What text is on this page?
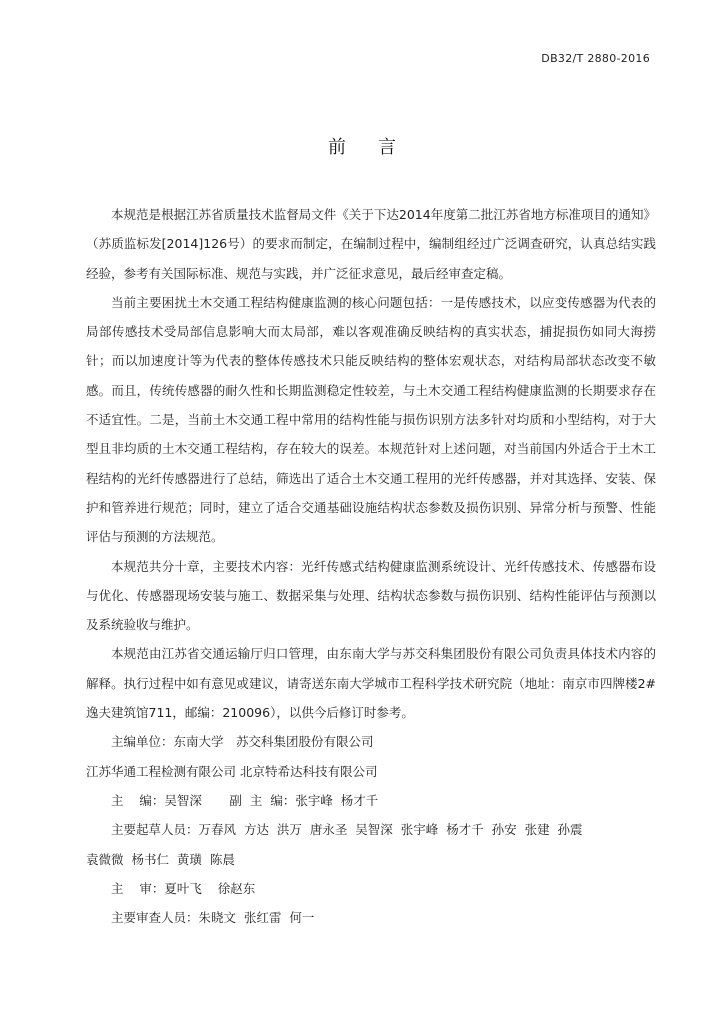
DB32/T 2880-2016
前言

本规范是根据江苏省质量技术监督局文件《关于下达2014年度第二批江苏省地方标准项目的通知》（苏质监标发[2014]126号）的要求而制定，在编制过程中，编制组经过广泛调查研究，认真总结实践经验，参考有关国际标准、规范与实践，并广泛征求意见，最后经审查定稿。

当前主要困扰土木交通工程结构健康监测的核心问题包括：一是传感技术，以应变传感器为代表的局部传感技术受局部信息影响大而太局部，难以客观准确反映结构的真实状态，捕捉损伤如同大海捞针；而以加速度计等为代表的整体传感技术只能反映结构的整体宏观状态，对结构局部状态改变不敏感。而且，传统传感器的耐久性和长期监测稳定性较差，与土木交通工程结构健康监测的长期要求存在不适宜性。二是，当前土木交通工程中常用的结构性能与损伤识别方法多针对均质和小型结构，对于大型且非均质的土木交通工程结构，存在较大的误差。本规范针对上述问题，对当前国内外适合于土木工程结构的光纤传感器进行了总结，筛选出了适合土木交通工程用的光纤传感器，并对其选择、安装、保护和管养进行规范；同时，建立了适合交通基础设施结构状态参数及损伤识别、异常分析与预警、性能评估与预测的方法规范。

本规范共分十章，主要技术内容：光纤传感式结构健康监测系统设计、光纤传感技术、传感器布设与优化、传感器现场安装与施工、数据采集与处理、结构状态参数与损伤识别、结构性能评估与预测以及系统验收与维护。

本规范由江苏省交通运输厅归口管理，由东南大学与苏交科集团股份有限公司负责具体技术内容的解释。执行过程中如有意见或建议，请寄送东南大学城市工程科学技术研究院（地址：南京市四牌楼2#逸夫建筑馆711，邮编：210096），以供今后修订时参考。

主编单位：东南大学 苏交科集团股份有限公司
江苏华通工程检测有限公司 北京特希达科技有限公司
主    编：吴智深 副  主  编：张宇峰  杨才千
主要起草人员：万春风  方达  洪万  唐永圣  吴智深  张宇峰  杨才千  孙安  张建  孙震
袁微微  杨书仁  黄璜  陈晨
主    审：夏叶飞    徐赵东
主要审查人员：朱晓文  张红雷  何一
